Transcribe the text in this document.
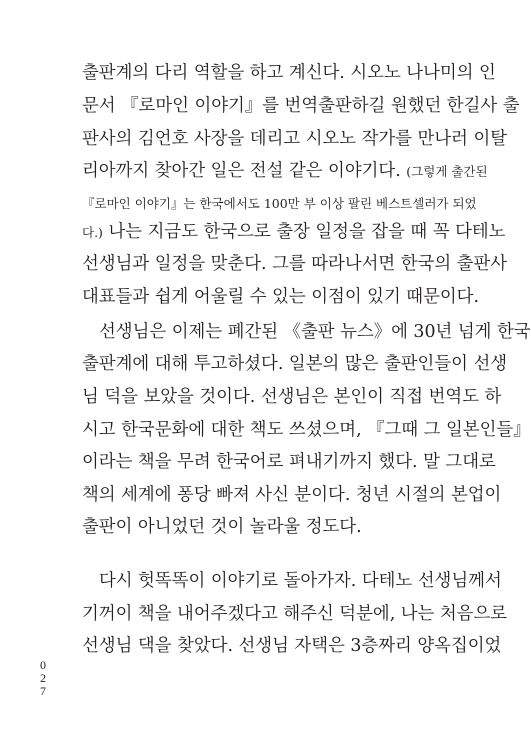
출판계의 다리 역할을 하고 계신다. 시오노 나나미의 인
문서 『로마인 이야기』를 번역출판하길 원했던 한길사 출
판사의 김언호 사장을 데리고 시오노 작가를 만나러 이탈
리아까지 찾아간 일은 전설 같은 이야기다. (그렇게 출간된
『로마인 이야기』는 한국에서도 100만 부 이상 팔린 베스트셀러가 되었
다.) 나는 지금도 한국으로 출장 일정을 잡을 때 꼭 다테노
선생님과 일정을 맞춘다. 그를 따라나서면 한국의 출판사
대표들과 쉽게 어울릴 수 있는 이점이 있기 때문이다.
선생님은 이제는 폐간된 《출판 뉴스》에 30년 넘게 한국
출판계에 대해 투고하셨다. 일본의 많은 출판인들이 선생
님 덕을 보았을 것이다. 선생님은 본인이 직접 번역도 하
시고 한국문화에 대한 책도 쓰셨으며, 『그때 그 일본인들』
이라는 책을 무려 한국어로 펴내기까지 했다. 말 그대로
책의 세계에 퐁당 빠져 사신 분이다. 청년 시절의 본업이
출판이 아니었던 것이 놀라울 정도다.
다시 헛똑똑이 이야기로 돌아가자. 다테노 선생님께서
기꺼이 책을 내어주겠다고 해주신 덕분에, 나는 처음으로
선생님 댁을 찾았다. 선생님 자택은 3층짜리 양옥집이었
0
2
7
